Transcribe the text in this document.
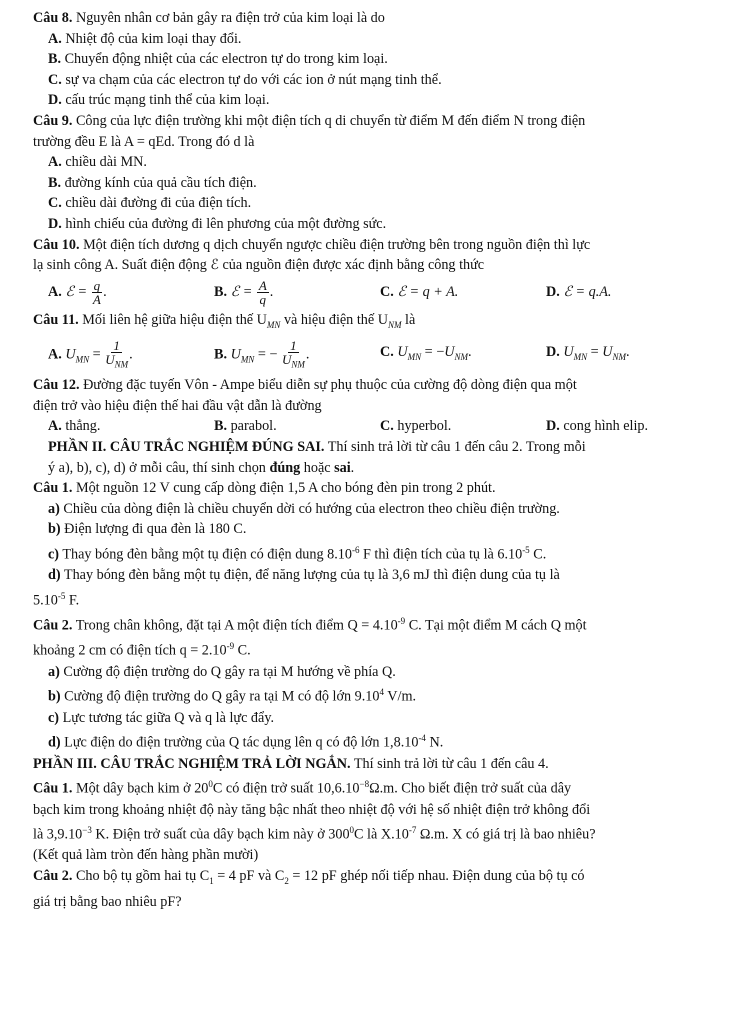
Câu 8. Nguyên nhân cơ bản gây ra điện trở của kim loại là do
A. Nhiệt độ của kim loại thay đổi.
B. Chuyển động nhiệt của các electron tự do trong kim loại.
C. sự va chạm của các electron tự do với các ion ở nút mạng tinh thể.
D. cấu trúc mạng tinh thể của kim loại.
Câu 9. Công của lực điện trường khi một điện tích q di chuyển từ điểm M đến điểm N trong điện
trường đều E là A = qEd. Trong đó d là
A. chiều dài MN.
B. đường kính của quả cầu tích điện.
C. chiều dài đường đi của điện tích.
D. hình chiếu của đường đi lên phương của một đường sức.
Câu 10. Một điện tích dương q dịch chuyển ngược chiều điện trường bên trong nguồn điện thì lực
lạ sinh công A. Suất điện động ℰ của nguồn điện được xác định bằng công thức
A. ℰ = $\frac{q}{A}$ .	B. ℰ = $\frac{A}{q}$ .	C. ℰ = q + A.	D. ℰ = q.A.
Câu 11. Mối liên hệ giữa hiệu điện thế $U_{MN}$ và hiệu điện thế $U_{NM}$ là
A. $U_{MN} = \frac{1}{U_{NM}}$ .	B. $U_{MN}$ = − $\frac{1}{U_{NM}}$ .	C. $U_{MN} = -U_{NM}$.	D. $U_{MN} = U_{NM}$.
Câu 12. Đường đặc tuyến Vôn - Ampe biểu diễn sự phụ thuộc của cường độ dòng điện qua một
điện trở vào hiệu điện thế hai đầu vật dẫn là đường
A. thẳng.	B. parabol.	C. hyperbol.	D. cong hình elip.
PHẦN II. CÂU TRẮC NGHIỆM ĐÚNG SAI. Thí sinh trả lời từ câu 1 đến câu 2. Trong mỗi
ý a), b), c), d) ở mỗi câu, thí sinh chọn đúng hoặc sai.
Câu 1. Một nguồn 12 V cung cấp dòng điện 1,5 A cho bóng đèn pin trong 2 phút.
a) Chiều của dòng điện là chiều chuyển dời có hướng của electron theo chiều điện trường.
b) Điện lượng đi qua đèn là 180 C.
c) Thay bóng đèn bằng một tụ điện có điện dung $8.10^{-6}$ F thì điện tích của tụ là $6.10^{-5}$ C.
d) Thay bóng đèn bằng một tụ điện, để năng lượng của tụ là 3,6 mJ thì điện dung của tụ là
$5.10^{-5}$ F.
Câu 2. Trong chân không, đặt tại A một điện tích điểm $Q = 4.10^{-9}$ C. Tại một điểm M cách Q một
khoảng 2 cm có điện tích $q = 2.10^{-9}$ C.
a) Cường độ điện trường do Q gây ra tại M hướng về phía Q.
b) Cường độ điện trường do Q gây ra tại M có độ lớn 9.10$^4$ V/m.
c) Lực tương tác giữa Q và q là lực đẩy.
d) Lực điện do điện trường của Q tác dụng lên q có độ lớn $1,8.10^{-4}$ N.
PHẦN III. CÂU TRẮC NGHIỆM TRẢ LỜI NGẮN. Thí sinh trả lời từ câu 1 đến câu 4.
Câu 1. Một dây bạch kim ở $20^0C$ có điện trở suất $10,6.10^{-8}\Omega.m$. Cho biết điện trở suất của dây
bạch kim trong khoảng nhiệt độ này tăng bậc nhất theo nhiệt độ với hệ số nhiệt điện trở không đổi
là $3,9.10^{-3}$ K. Điện trở suất của dây bạch kim này ở $300^0C$ là $X.10^{-7}$ Ω.m. X có giá trị là bao nhiêu?
(Kết quả làm tròn đến hàng phần mười)
Câu 2. Cho bộ tụ gồm hai tụ $C_1 = 4$ pF và $C_2 = 12$ pF ghép nối tiếp nhau. Điện dung của bộ tụ có
giá trị bằng bao nhiêu pF?
